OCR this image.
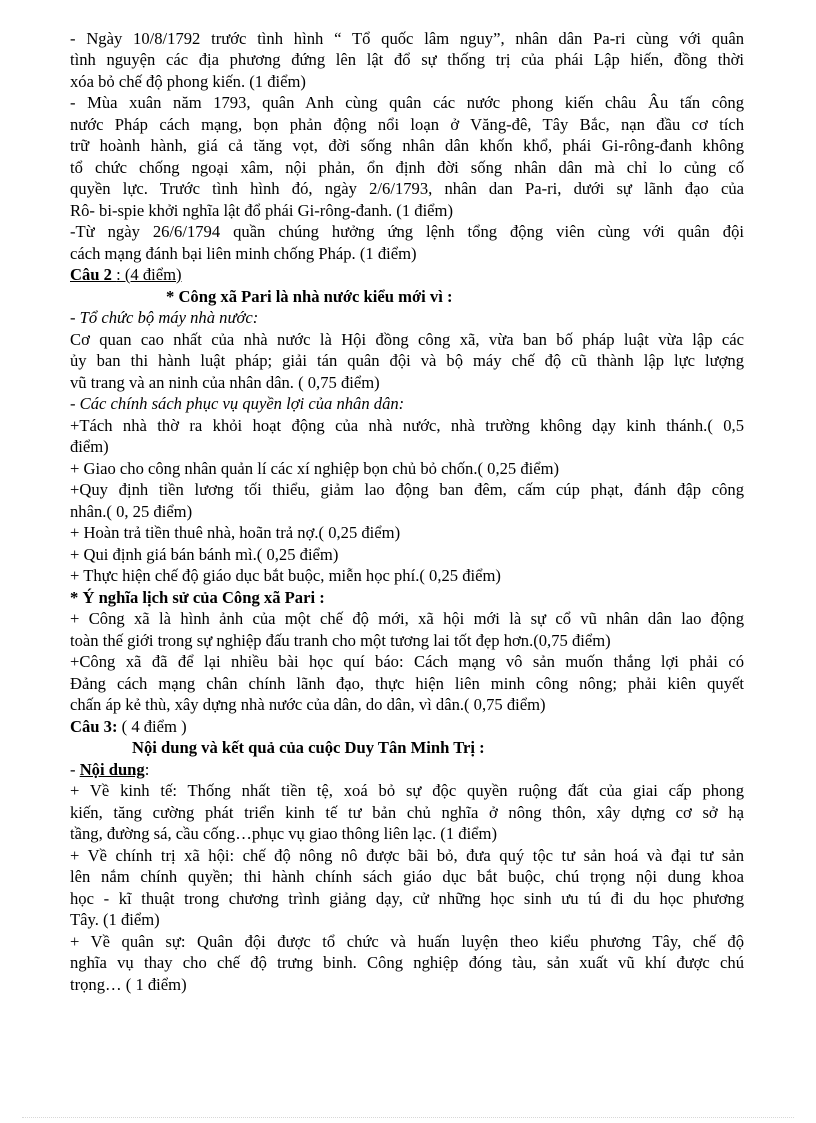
- Ngày 10/8/1792 trước tình hình “ Tổ quốc lâm nguy”, nhân dân Pa-ri cùng với quân
tình nguyện các địa phương đứng lên lật đổ sự thống trị của phái Lập hiến, đồng thời
xóa bỏ chế độ phong kiến. (1 điểm)
- Mùa xuân năm 1793, quân Anh cùng quân các nước phong kiến châu Âu tấn công
nước Pháp cách mạng, bọn phản động nổi loạn ở Văng-đê, Tây Bắc, nạn đầu cơ tích
trữ hoành hành, giá cả tăng vọt, đời sống nhân dân khốn khổ, phái Gi-rông-đanh không
tổ chức chống ngoại xâm, nội phản, ổn định đời sống nhân dân mà chỉ lo củng cố
quyền lực. Trước tình hình đó, ngày 2/6/1793, nhân dan Pa-ri, dưới sự lãnh đạo của
Rô- bi-spie khởi nghĩa lật đổ phái Gi-rông-đanh. (1 điểm)
-Từ ngày 26/6/1794 quần chúng hưởng ứng lệnh tổng động viên cùng với quân đội
cách mạng đánh bại liên minh chống Pháp. (1 điểm)
Câu 2 : (4 điểm)
* Công xã Pari là nhà nước kiểu mới vì :
- Tổ chức bộ máy nhà nước:
Cơ quan cao nhất của nhà nước là Hội đồng công xã, vừa ban bố pháp luật vừa lập các
ủy ban thi hành luật pháp; giải tán quân đội và bộ máy chế độ cũ thành lập lực lượng
vũ trang và an ninh của nhân dân. ( 0,75 điểm)
- Các chính sách phục vụ quyền lợi của nhân dân:
+Tách nhà thờ ra khỏi hoạt động của nhà nước, nhà trường không dạy kinh thánh.( 0,5
điểm)
+ Giao cho công nhân quản lí các xí nghiệp bọn chủ bỏ chốn.( 0,25 điểm)
+Quy định tiền lương tối thiểu, giảm lao động ban đêm, cấm cúp phạt, đánh đập công
nhân.( 0, 25 điểm)
+ Hoàn trả tiền thuê nhà, hoãn trả nợ.( 0,25 điểm)
+ Qui định giá bán bánh mì.( 0,25 điểm)
+ Thực hiện chế độ giáo dục bắt buộc, miễn học phí.( 0,25 điểm)
* Ý nghĩa lịch sử của Công xã Pari :
+ Công xã là hình ảnh của một chế độ mới, xã hội mới là sự cổ vũ nhân dân lao động
toàn thế giới trong sự nghiệp đấu tranh cho một tương lai tốt đẹp hơn.(0,75 điểm)
+Công xã đã để lại nhiều bài học quí báo: Cách mạng vô sản muốn thắng lợi phải có
Đảng cách mạng chân chính lãnh đạo, thực hiện liên minh công nông; phải kiên quyết
chấn áp kẻ thù, xây dựng nhà nước của dân, do dân, vì dân.( 0,75 điểm)
Câu 3: ( 4 điểm )
Nội dung và kết quả của cuộc Duy Tân Minh Trị :
- Nội dung:
+ Về kinh tế: Thống nhất tiền tệ, xoá bỏ sự độc quyền ruộng đất của giai cấp phong
kiến, tăng cường phát triển kinh tế tư bản chủ nghĩa ở nông thôn, xây dựng cơ sở hạ
tầng, đường sá, cầu cống…phục vụ giao thông liên lạc. (1 điểm)
+ Về chính trị xã hội: chế độ nông nô được bãi bỏ, đưa quý tộc tư sản hoá và đại tư sản
lên nắm chính quyền; thi hành chính sách giáo dục bắt buộc, chú trọng nội dung khoa
học - kĩ thuật trong chương trình giảng dạy, cử những học sinh ưu tú đi du học phương
Tây. (1 điểm)
+ Về quân sự: Quân đội được tổ chức và huấn luyện theo kiểu phương Tây, chế độ
nghĩa vụ thay cho chế độ trưng binh. Công nghiệp đóng tàu, sản xuất vũ khí được chú
trọng… ( 1 điểm)
